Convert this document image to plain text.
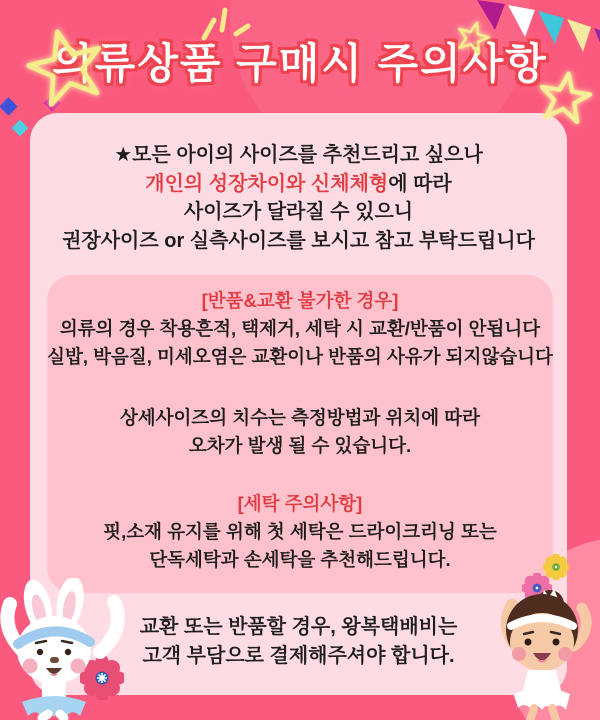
의류상품 구매시 주의사항
★모든 아이의 사이즈를 추천드리고 싶으나
개인의 성장차이와 신체체형에 따라
사이즈가 달라질 수 있으니
권장사이즈 or 실측사이즈를 보시고 참고 부탁드립니다
[반품&교환 불가한 경우]
의류의 경우 착용흔적, 택제거, 세탁 시 교환/반품이 안됩니다
실밥, 박음질, 미세오염은 교환이나 반품의 사유가 되지않습니다
상세사이즈의 치수는 측정방법과 위치에 따라
오차가 발생 될 수 있습니다.
[세탁 주의사항]
핏,소재 유지를 위해 첫 세탁은 드라이크리닝 또는
단독세탁과 손세탁을 추천해드립니다.
교환 또는 반품할 경우, 왕복택배비는
고객 부담으로 결제해주셔야 합니다.
